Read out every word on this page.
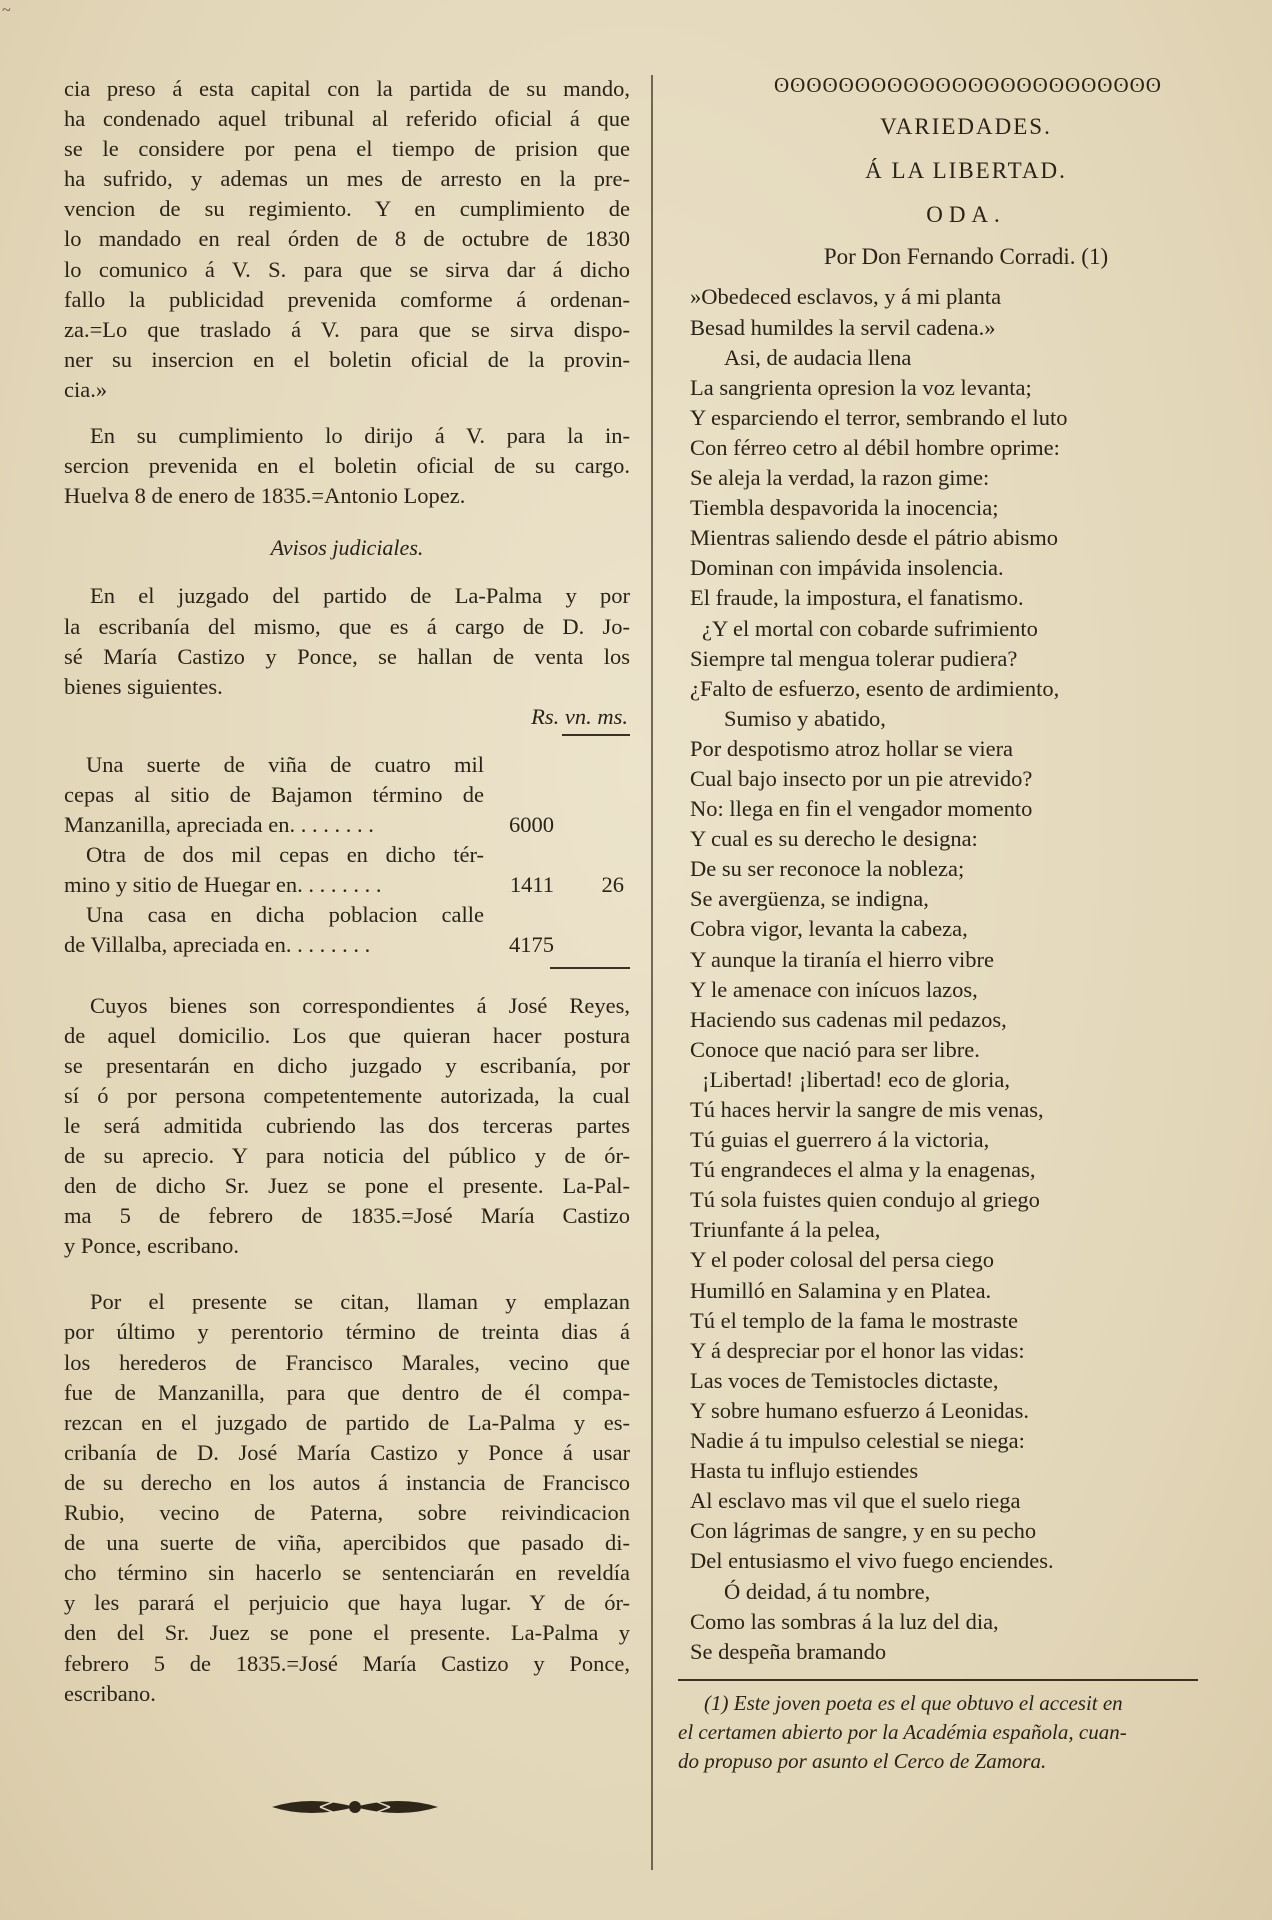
~
cia preso á esta capital con la partida de su mando,
ha condenado aquel tribunal al referido oficial á que
se le considere por pena el tiempo de prision que
ha sufrido, y ademas un mes de arresto en la pre-
vencion de su regimiento. Y en cumplimiento de
lo mandado en real órden de 8 de octubre de 1830
lo comunico á V. S. para que se sirva dar á dicho
fallo la publicidad prevenida comforme á ordenan-
za.=Lo que traslado á V. para que se sirva dispo-
ner su insercion en el boletin oficial de la provin-
cia.»
En su cumplimiento lo dirijo á V. para la in-
sercion prevenida en el boletin oficial de su cargo.
Huelva 8 de enero de 1835.=Antonio Lopez.
Avisos judiciales.
En el juzgado del partido de La-Palma y por
la escribanía del mismo, que es á cargo de D. Jo-
sé María Castizo y Ponce, se hallan de venta los
bienes siguientes.
Rs. vn. ms.
Una suerte de viña de cuatro mil
cepas al sitio de Bajamon término de
Manzanilla, apreciada en. . . . . . . .	6000
Otra de dos mil cepas en dicho tér-
mino y sitio de Huegar en. . . . . . . .	1411	26
Una casa en dicha poblacion calle
de Villalba, apreciada en. . . . . . . .	4175
Cuyos bienes son correspondientes á José Reyes,
de aquel domicilio. Los que quieran hacer postura
se presentarán en dicho juzgado y escribanía, por
sí ó por persona competentemente autorizada, la cual
le será admitida cubriendo las dos terceras partes
de su aprecio. Y para noticia del público y de ór-
den de dicho Sr. Juez se pone el presente. La-Pal-
ma 5 de febrero de 1835.=José María Castizo
y Ponce, escribano.
Por el presente se citan, llaman y emplazan
por último y perentorio término de treinta dias á
los herederos de Francisco Marales, vecino que
fue de Manzanilla, para que dentro de él compa-
rezcan en el juzgado de partido de La-Palma y es-
cribanía de D. José María Castizo y Ponce á usar
de su derecho en los autos á instancia de Francisco
Rubio, vecino de Paterna, sobre reivindicacion
de una suerte de viña, apercibidos que pasado di-
cho término sin hacerlo se sentenciarán en reveldía
y les parará el perjuicio que haya lugar. Y de ór-
den del Sr. Juez se pone el presente. La-Palma y
febrero 5 de 1835.=José María Castizo y Ponce,
escribano.
ʘʘʘʘʘʘʘʘʘʘʘʘʘʘʘʘʘʘʘʘʘʘʘʘ
VARIEDADES.
Á LA LIBERTAD.
ODA.
Por Don Fernando Corradi. (1)
»Obedeced esclavos, y á mi planta
Besad humildes la servil cadena.»
Asi, de audacia llena
La sangrienta opresion la voz levanta;
Y esparciendo el terror, sembrando el luto
Con férreo cetro al débil hombre oprime:
Se aleja la verdad, la razon gime:
Tiembla despavorida la inocencia;
Mientras saliendo desde el pátrio abismo
Dominan con impávida insolencia.
El fraude, la impostura, el fanatismo.
¿Y el mortal con cobarde sufrimiento
Siempre tal mengua tolerar pudiera?
¿Falto de esfuerzo, esento de ardimiento,
Sumiso y abatido,
Por despotismo atroz hollar se viera
Cual bajo insecto por un pie atrevido?
No: llega en fin el vengador momento
Y cual es su derecho le designa:
De su ser reconoce la nobleza;
Se avergüenza, se indigna,
Cobra vigor, levanta la cabeza,
Y aunque la tiranía el hierro vibre
Y le amenace con inícuos lazos,
Haciendo sus cadenas mil pedazos,
Conoce que nació para ser libre.
¡Libertad! ¡libertad! eco de gloria,
Tú haces hervir la sangre de mis venas,
Tú guias el guerrero á la victoria,
Tú engrandeces el alma y la enagenas,
Tú sola fuistes quien condujo al griego
Triunfante á la pelea,
Y el poder colosal del persa ciego
Humilló en Salamina y en Platea.
Tú el templo de la fama le mostraste
Y á despreciar por el honor las vidas:
Las voces de Temistocles dictaste,
Y sobre humano esfuerzo á Leonidas.
Nadie á tu impulso celestial se niega:
Hasta tu influjo estiendes
Al esclavo mas vil que el suelo riega
Con lágrimas de sangre, y en su pecho
Del entusiasmo el vivo fuego enciendes.
Ó deidad, á tu nombre,
Como las sombras á la luz del dia,
Se despeña bramando
(1) Este joven poeta es el que obtuvo el accesit en
el certamen abierto por la Académia española, cuan-
do propuso por asunto el Cerco de Zamora.
